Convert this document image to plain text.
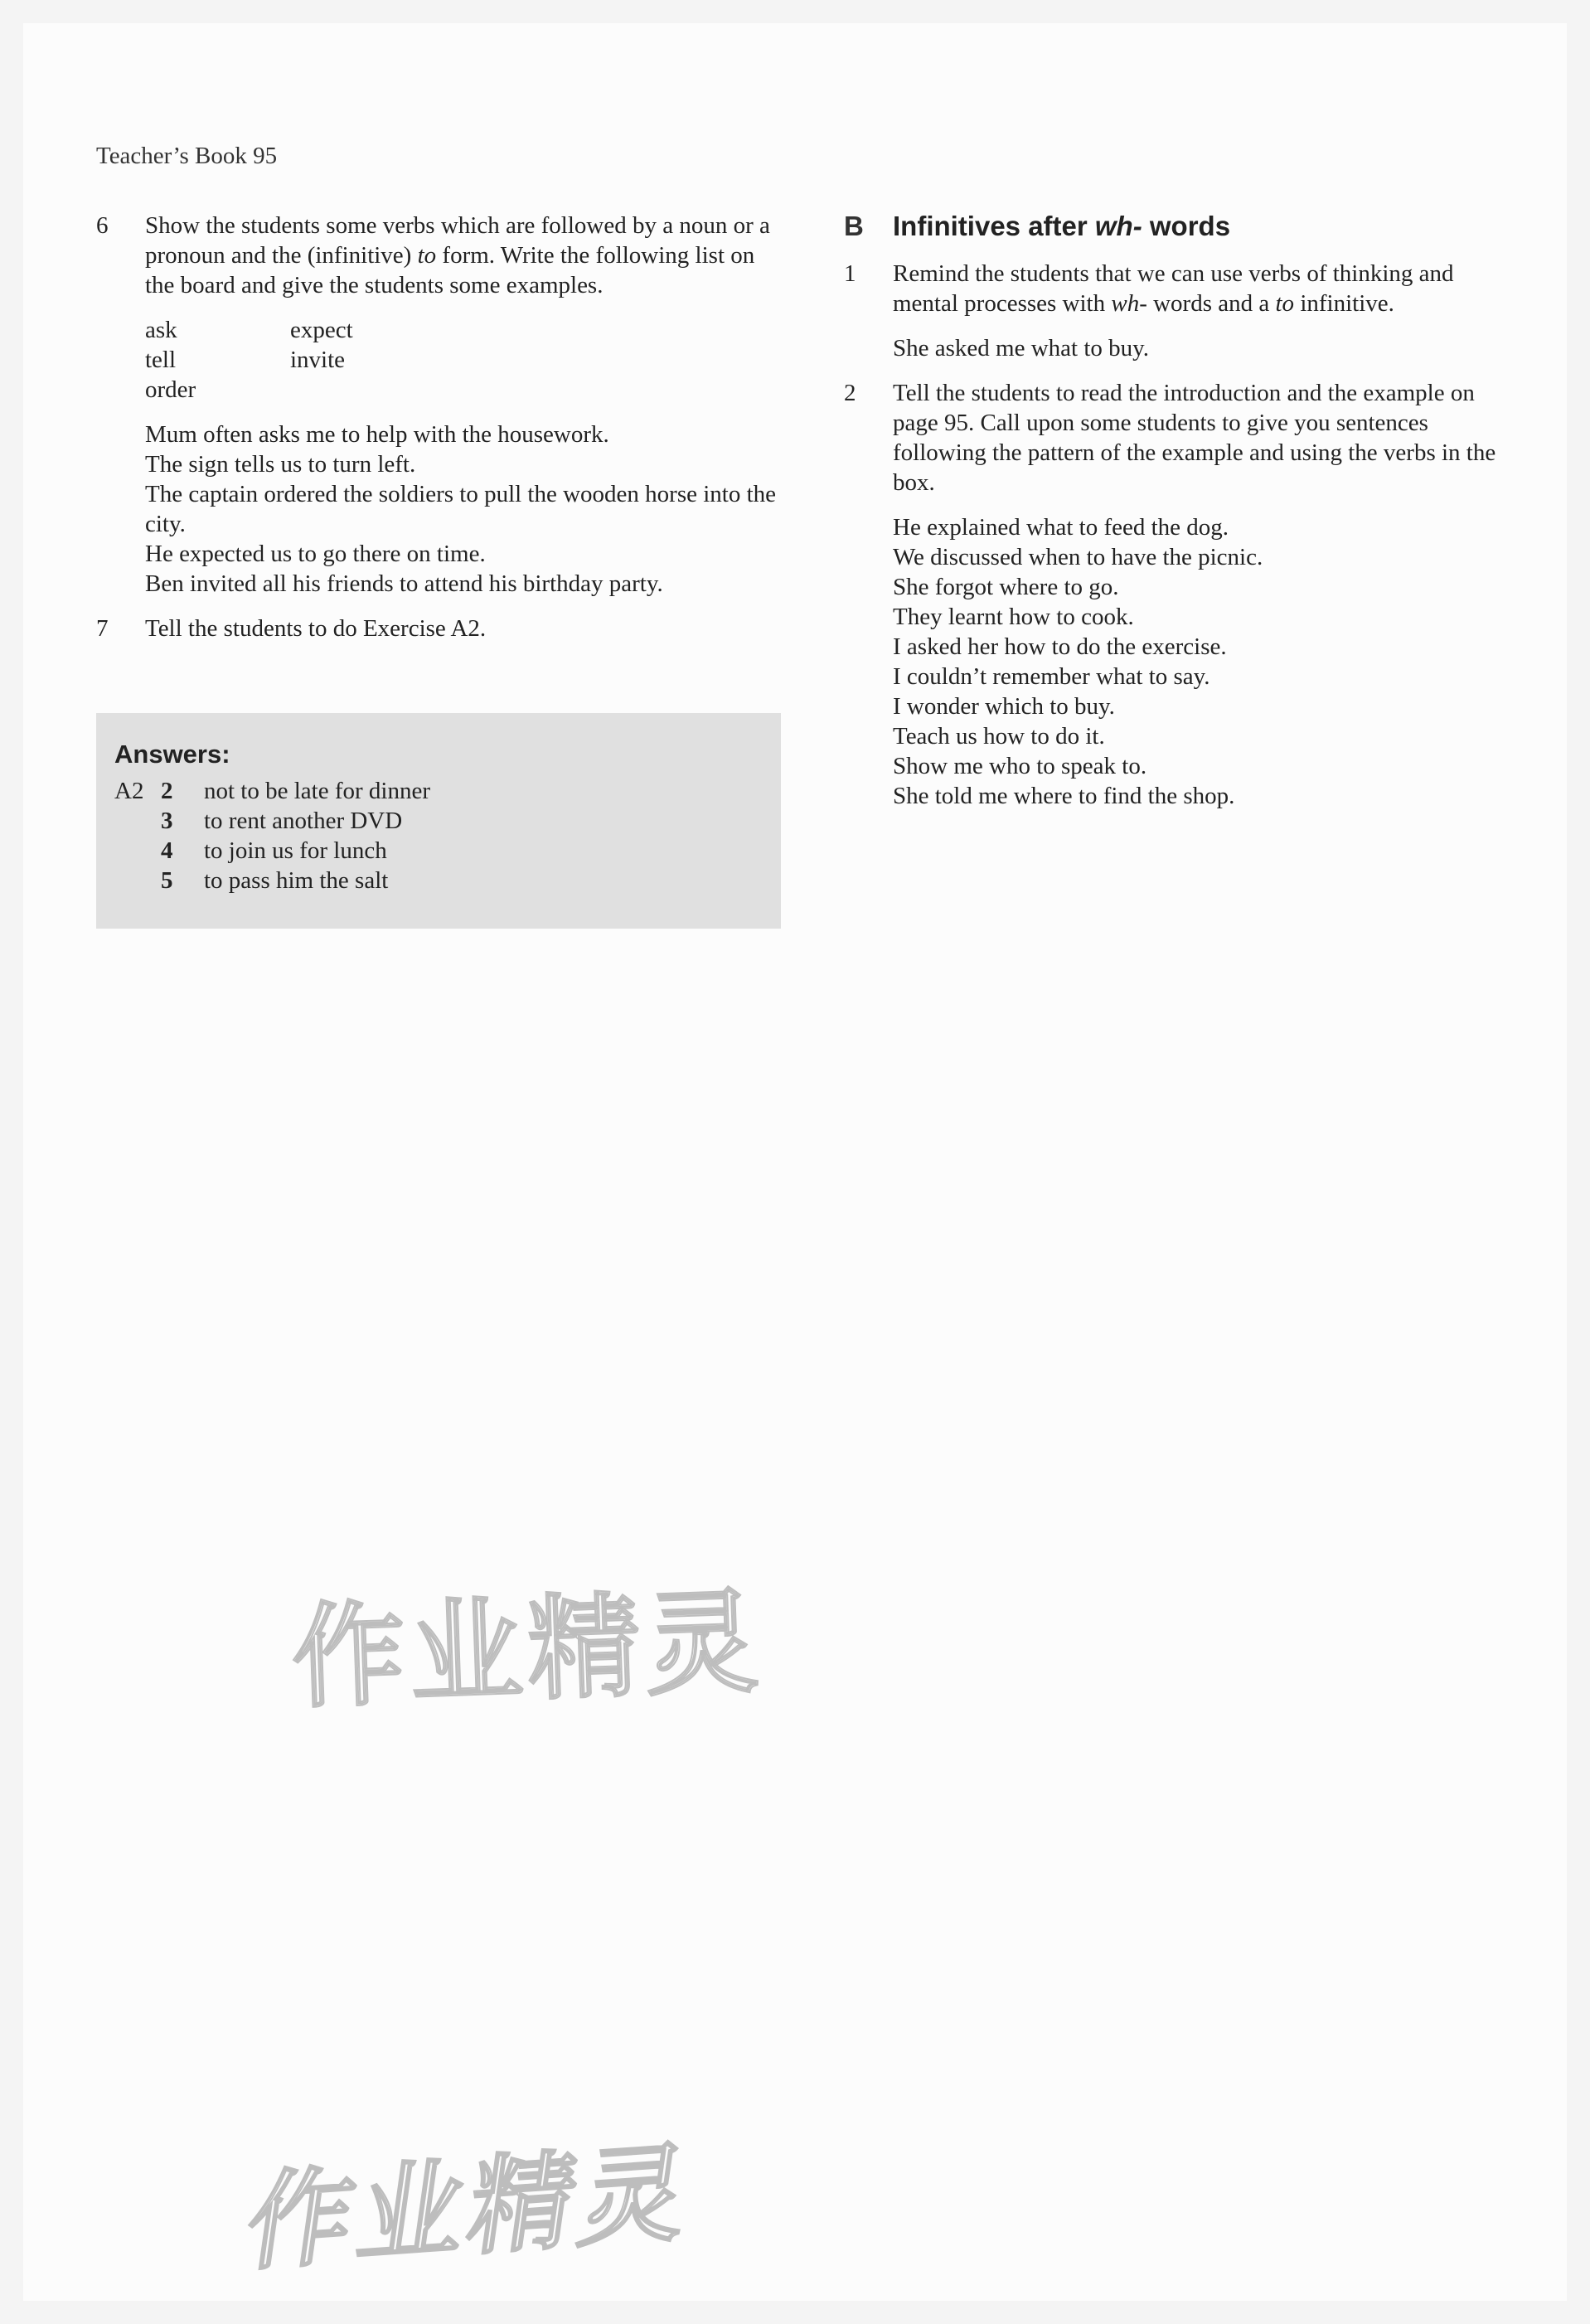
Teacher’s Book 95
6 Show the students some verbs which are followed by a noun or a pronoun and the (infinitive) to form. Write the following list on the board and give the students some examples.

ask	expect
tell	invite
order
Mum often asks me to help with the housework.
The sign tells us to turn left.
The captain ordered the soldiers to pull the wooden horse into the city.
He expected us to go there on time.
Ben invited all his friends to attend his birthday party.
7 Tell the students to do Exercise A2.

Answers:
A2 2	not to be late for dinner
3	to rent another DVD
4	to join us for lunch
5	to pass him the salt
B Infinitives after wh- words
1 Remind the students that we can use verbs of thinking and mental processes with wh- words and a to infinitive.

She asked me what to buy.

2 Tell the students to read the introduction and the example on page 95. Call upon some students to give you sentences following the pattern of the example and using the verbs in the box.

He explained what to feed the dog.
We discussed when to have the picnic.
She forgot where to go.
They learnt how to cook.
I asked her how to do the exercise.
I couldn’t remember what to say.
I wonder which to buy.
Teach us how to do it.
Show me who to speak to.
She told me where to find the shop.
作业精灵
作业精灵
